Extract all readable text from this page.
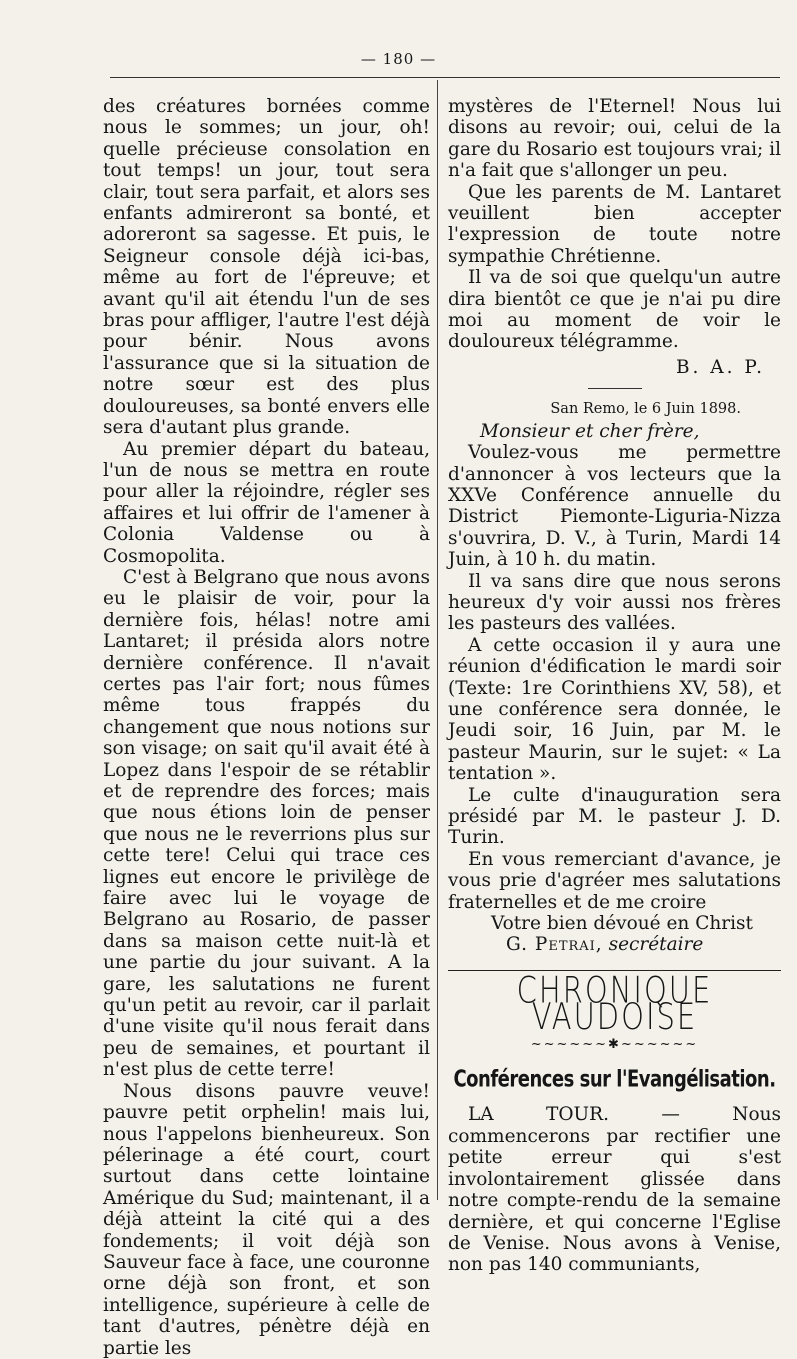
— 180 —

des créatures bornées comme nous le sommes; un jour, oh! quelle précieuse consolation en tout temps! un jour, tout sera clair, tout sera parfait, et alors ses enfants admireront sa bonté, et adoreront sa sagesse. Et puis, le Seigneur console déjà ici-bas, même au fort de l'épreuve; et avant qu'il ait étendu l'un de ses bras pour affliger, l'autre l'est déjà pour bénir. Nous avons l'assurance que si la situation de notre sœur est des plus douloureuses, sa bonté envers elle sera d'autant plus grande.

Au premier départ du bateau, l'un de nous se mettra en route pour aller la réjoindre, régler ses affaires et lui offrir de l'amener à Colonia Valdense ou à Cosmopolita.

C'est à Belgrano que nous avons eu le plaisir de voir, pour la dernière fois, hélas! notre ami Lantaret; il présida alors notre dernière conférence. Il n'avait certes pas l'air fort; nous fûmes même tous frappés du changement que nous notions sur son visage; on sait qu'il avait été à Lopez dans l'espoir de se rétablir et de reprendre des forces; mais que nous étions loin de penser que nous ne le reverrions plus sur cette tere! Celui qui trace ces lignes eut encore le privilège de faire avec lui le voyage de Belgrano au Rosario, de passer dans sa maison cette nuit-là et une partie du jour suivant. A la gare, les salutations ne furent qu'un petit au revoir, car il parlait d'une visite qu'il nous ferait dans peu de semaines, et pourtant il n'est plus de cette terre!

Nous disons pauvre veuve! pauvre petit orphelin! mais lui, nous l'appelons bienheureux. Son pélerinage a été court, court surtout dans cette lointaine Amérique du Sud; maintenant, il a déjà atteint la cité qui a des fondements; il voit déjà son Sauveur face à face, une couronne orne déjà son front, et son intelligence, supérieure à celle de tant d'autres, pénètre déjà en partie les

mystères de l'Eternel! Nous lui disons au revoir; oui, celui de la gare du Rosario est toujours vrai; il n'a fait que s'allonger un peu.

Que les parents de M. Lantaret veuillent bien accepter l'expression de toute notre sympathie Chrétienne.

Il va de soi que quelqu'un autre dira bientôt ce que je n'ai pu dire moi au moment de voir le douloureux télégramme.

B. A. P.
San Remo, le 6 Juin 1898.
Monsieur et cher frère,

Voulez-vous me permettre d'annoncer à vos lecteurs que la XXVe Conférence annuelle du District Piemonte-Liguria-Nizza s'ouvrira, D. V., à Turin, Mardi 14 Juin, à 10 h. du matin.

Il va sans dire que nous serons heureux d'y voir aussi nos frères les pasteurs des vallées.

A cette occasion il y aura une réunion d'édification le mardi soir (Texte: 1re Corinthiens XV, 58), et une conférence sera donnée, le Jeudi soir, 16 Juin, par M. le pasteur Maurin, sur le sujet: « La tentation ».

Le culte d'inauguration sera présidé par M. le pasteur J. D. Turin.

En vous remerciant d'avance, je vous prie d'agréer mes salutations fraternelles et de me croire

Votre bien dévoué en Christ
G. Petrai, secrétaire
CHRONIQUE VAUDOISE
~~~~~~✱~~~~~~
Conférences sur l'Evangélisation.

LA TOUR. — Nous commencerons par rectifier une petite erreur qui s'est involontairement glissée dans notre compte-rendu de la semaine dernière, et qui concerne l'Eglise de Venise. Nous avons à Venise, non pas 140 communiants,
